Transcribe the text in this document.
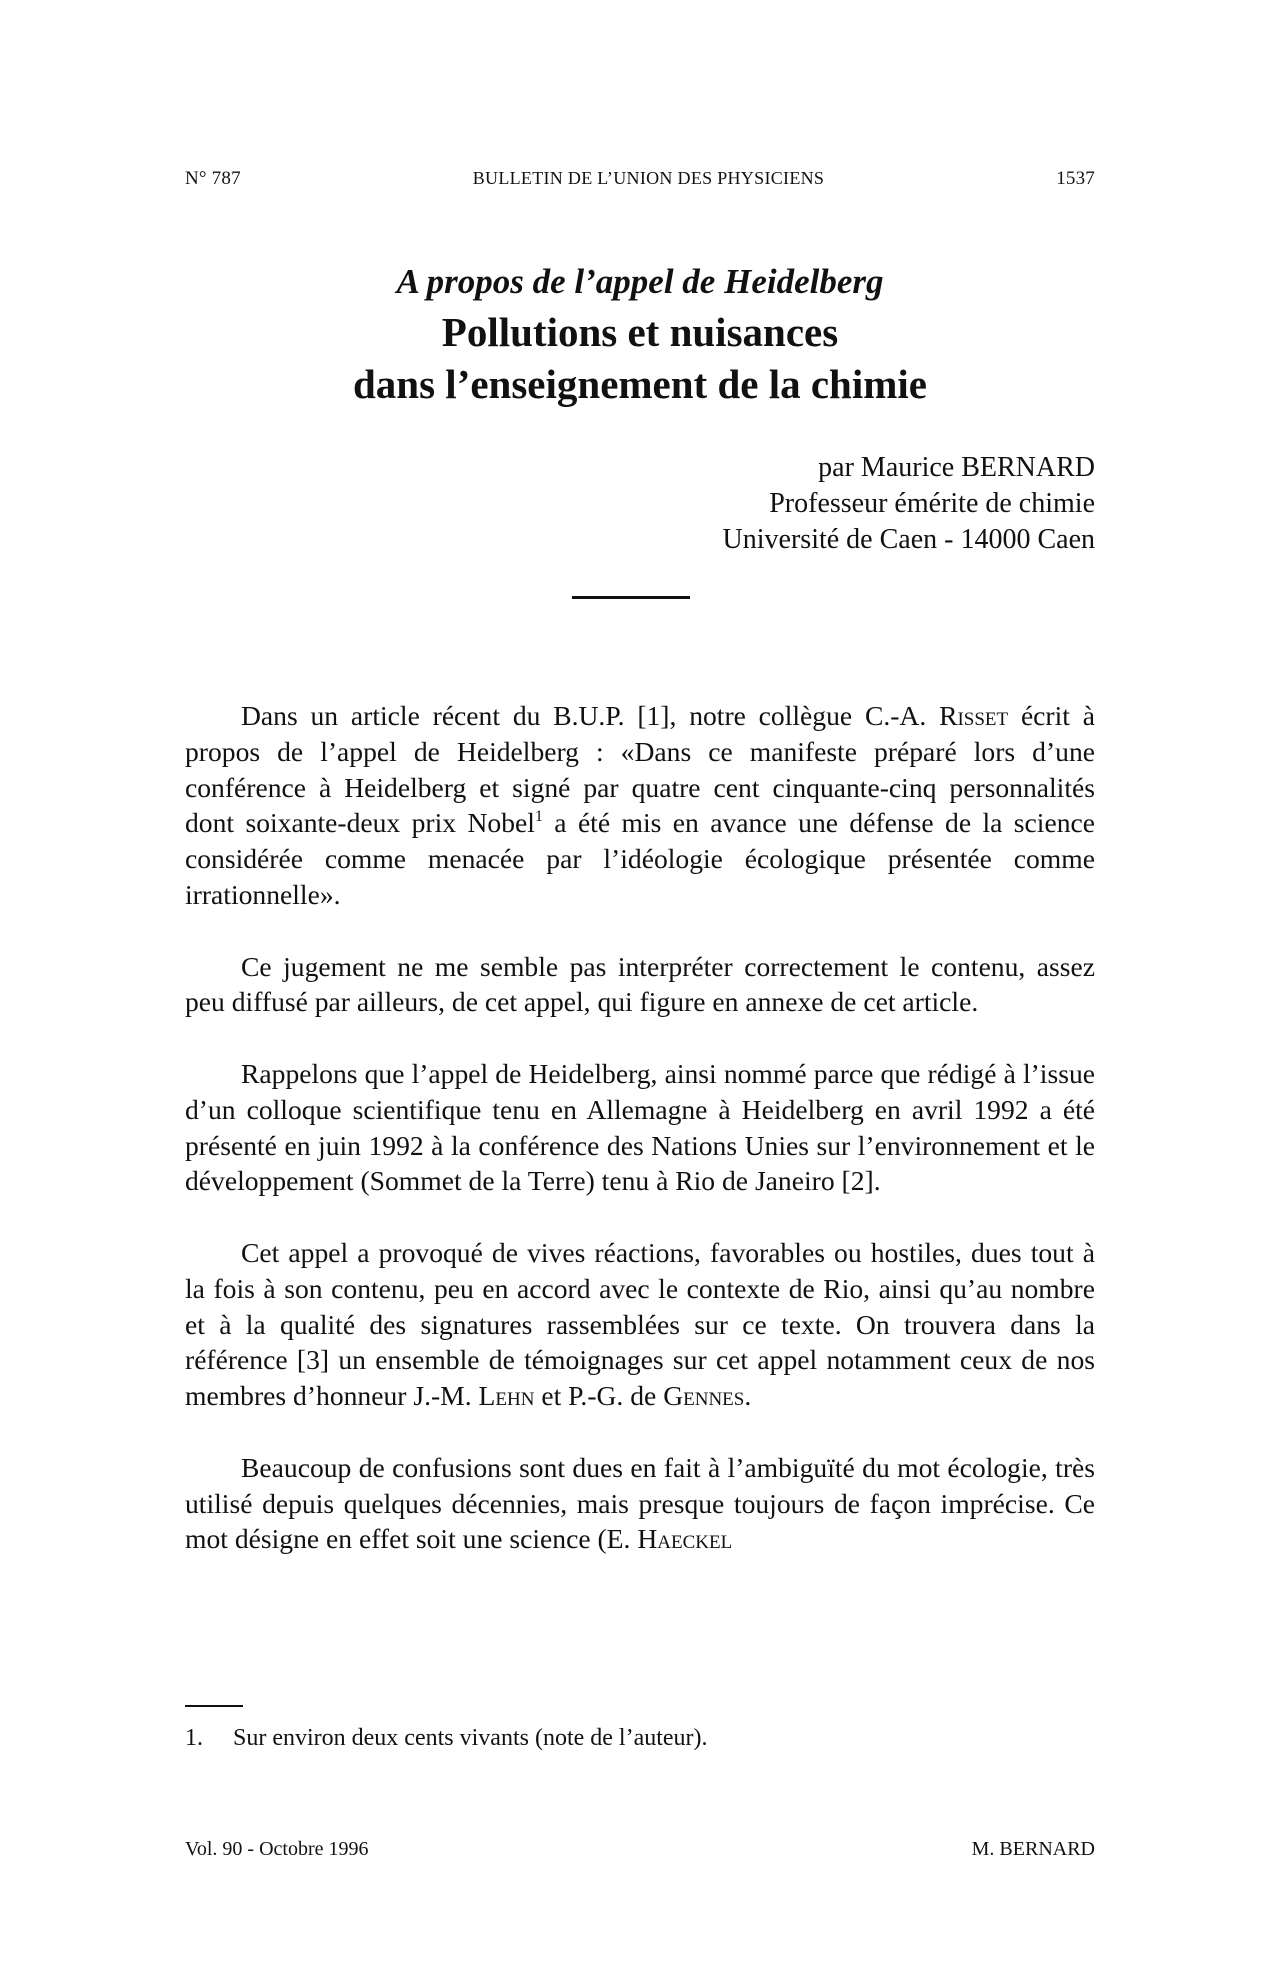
N° 787	BULLETIN DE L’UNION DES PHYSICIENS	1537
A propos de l’appel de Heidelberg
Pollutions et nuisances
dans l’enseignement de la chimie
par Maurice BERNARD
Professeur émérite de chimie
Université de Caen - 14000 Caen

Dans un article récent du B.U.P. [1], notre collègue C.-A. Risset écrit à propos de l’appel de Heidelberg : «Dans ce manifeste préparé lors d’une conférence à Heidelberg et signé par quatre cent cinquante-cinq personnalités dont soixante-deux prix Nobel$^1$ a été mis en avance une défense de la science considérée comme menacée par l’idéologie écologique présentée comme irrationnelle».

Ce jugement ne me semble pas interpréter correctement le contenu, assez peu diffusé par ailleurs, de cet appel, qui figure en annexe de cet article.

Rappelons que l’appel de Heidelberg, ainsi nommé parce que rédigé à l’issue d’un colloque scientifique tenu en Allemagne à Heidelberg en avril 1992 a été présenté en juin 1992 à la conférence des Nations Unies sur l’environnement et le développement (Sommet de la Terre) tenu à Rio de Janeiro [2].

Cet appel a provoqué de vives réactions, favorables ou hostiles, dues tout à la fois à son contenu, peu en accord avec le contexte de Rio, ainsi qu’au nombre et à la qualité des signatures rassemblées sur ce texte. On trouvera dans la référence [3] un ensemble de témoignages sur cet appel notamment ceux de nos membres d’honneur J.-M. Lehn et P.-G. de Gennes.

Beaucoup de confusions sont dues en fait à l’ambiguïté du mot écologie, très utilisé depuis quelques décennies, mais presque toujours de façon imprécise. Ce mot désigne en effet soit une science (E. Haeckel

1. Sur environ deux cents vivants (note de l’auteur).
Vol. 90 - Octobre 1996	M. BERNARD
